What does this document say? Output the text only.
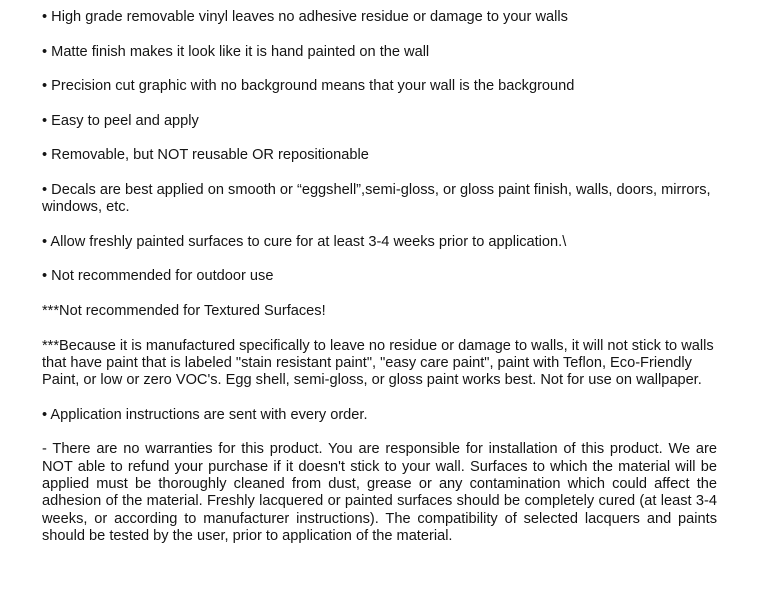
• High grade removable vinyl leaves no adhesive residue or damage to your walls

• Matte finish makes it look like it is hand painted on the wall

• Precision cut graphic with no background means that your wall is the background

• Easy to peel and apply

• Removable, but NOT reusable OR repositionable

• Decals are best applied on smooth or “eggshell”,semi-gloss, or gloss paint finish, walls, doors, mirrors, windows, etc.

• Allow freshly painted surfaces to cure for at least 3-4 weeks prior to application.\

• Not recommended for outdoor use

***Not recommended for Textured Surfaces!

***Because it is manufactured specifically to leave no residue or damage to walls, it will not stick to walls that have paint that is labeled "stain resistant paint", "easy care paint", paint with Teflon, Eco-Friendly Paint, or low or zero VOC's. Egg shell, semi-gloss, or gloss paint works best. Not for use on wallpaper.

• Application instructions are sent with every order.

- There are no warranties for this product. You are responsible for installation of this product. We are NOT able to refund your purchase if it doesn't stick to your wall. Surfaces to which the material will be applied must be thoroughly cleaned from dust, grease or any contamination which could affect the adhesion of the material. Freshly lacquered or painted surfaces should be completely cured (at least 3-4 weeks, or according to manufacturer instructions). The compatibility of selected lacquers and paints should be tested by the user, prior to application of the material.
